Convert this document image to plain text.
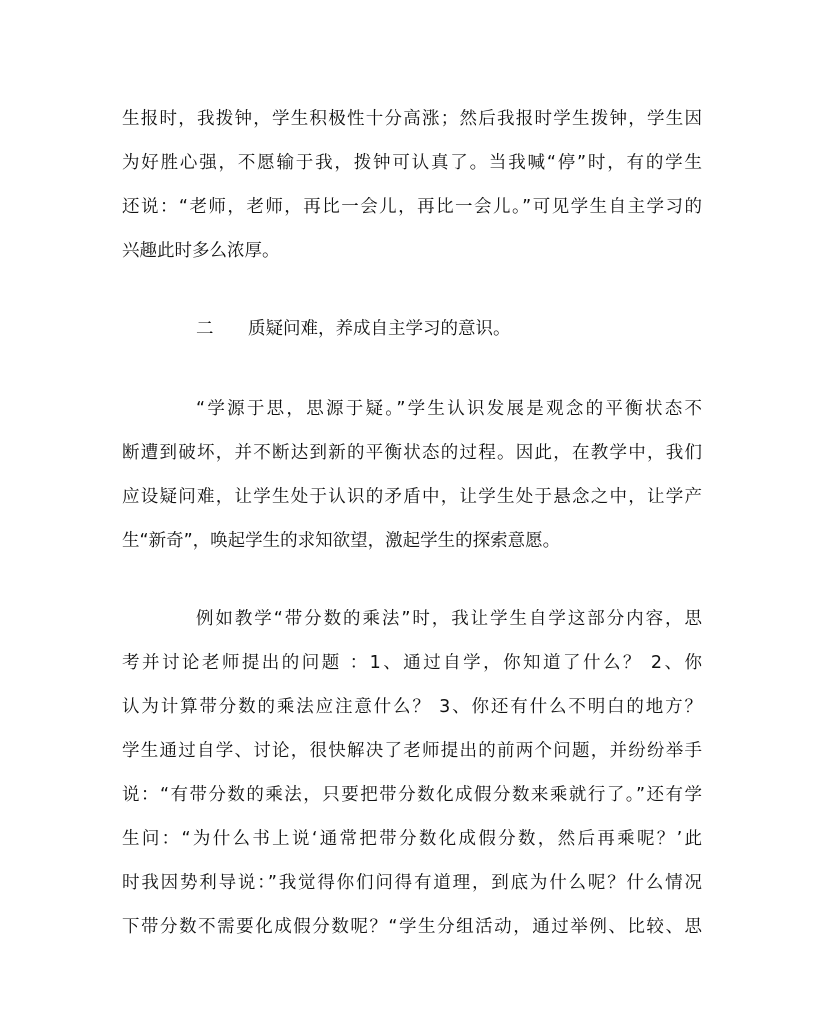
生报时，我拨钟，学生积极性十分高涨；然后我报时学生拨钟，学生因
为好胜心强，不愿输于我，拨钟可认真了。当我喊“停”时，有的学生
还说：“老师，老师，再比一会儿，再比一会儿。”可见学生自主学习的
兴趣此时多么浓厚。
二 质疑问难，养成自主学习的意识。
“学源于思，思源于疑。”学生认识发展是观念的平衡状态不
断遭到破坏，并不断达到新的平衡状态的过程。因此，在教学中，我们
应设疑问难，让学生处于认识的矛盾中，让学生处于悬念之中，让学产
生“新奇”，唤起学生的求知欲望，激起学生的探索意愿。
例如教学“带分数的乘法”时，我让学生自学这部分内容，思
考并讨论老师提出的问题 ：1、通过自学，你知道了什么？ 2、你
认为计算带分数的乘法应注意什么？ 3、你还有什么不明白的地方？
学生通过自学、讨论，很快解决了老师提出的前两个问题，并纷纷举手
说：“有带分数的乘法，只要把带分数化成假分数来乘就行了。”还有学
生问：“为什么书上说‘通常把带分数化成假分数，然后再乘呢？’此
时我因势利导说：”我觉得你们问得有道理，到底为什么呢？什么情况
下带分数不需要化成假分数呢？“学生分组活动，通过举例、比较、思
